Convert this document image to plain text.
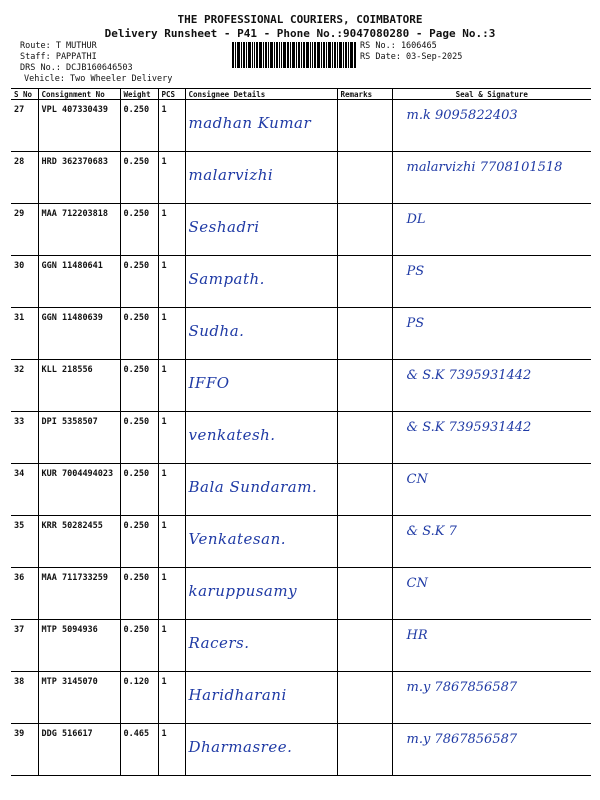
THE PROFESSIONAL COURIERS, COIMBATORE
Delivery Runsheet - P41 - Phone No.:9047080280 - Page No.:3
Route: T MUTHUR
Staff: PAPPATHI
DRS No.: DCJB160646503
Vehicle: Two Wheeler Delivery
RS No.: 1606465
RS Date: 03-Sep-2025
S No	Consignment No	Weight	PCS	Consignee Details	Remarks	Seal & Signature
27	VPL 407330439	0.250	1	madhan Kumar		m.k 9095822403

28	HRD 362370683	0.250	1	malarvizhi		malarvizhi 7708101518

29	MAA 712203818	0.250	1	Seshadri		DL

30	GGN 11480641	0.250	1	Sampath.		PS

31	GGN 11480639	0.250	1	Sudha.		PS

32	KLL 218556	0.250	1	IFFO		& S.K 7395931442

33	DPI 5358507	0.250	1	venkatesh.		& S.K 7395931442

34	KUR 7004494023	0.250	1	Bala Sundaram.		CN

35	KRR 50282455	0.250	1	Venkatesan.		& S.K 7

36	MAA 711733259	0.250	1	karuppusamy		CN

37	MTP 5094936	0.250	1	Racers.		HR

38	MTP 3145070	0.120	1	Haridharani		m.y 7867856587

39	DDG 516617	0.465	1	Dharmasree.		m.y 7867856587
